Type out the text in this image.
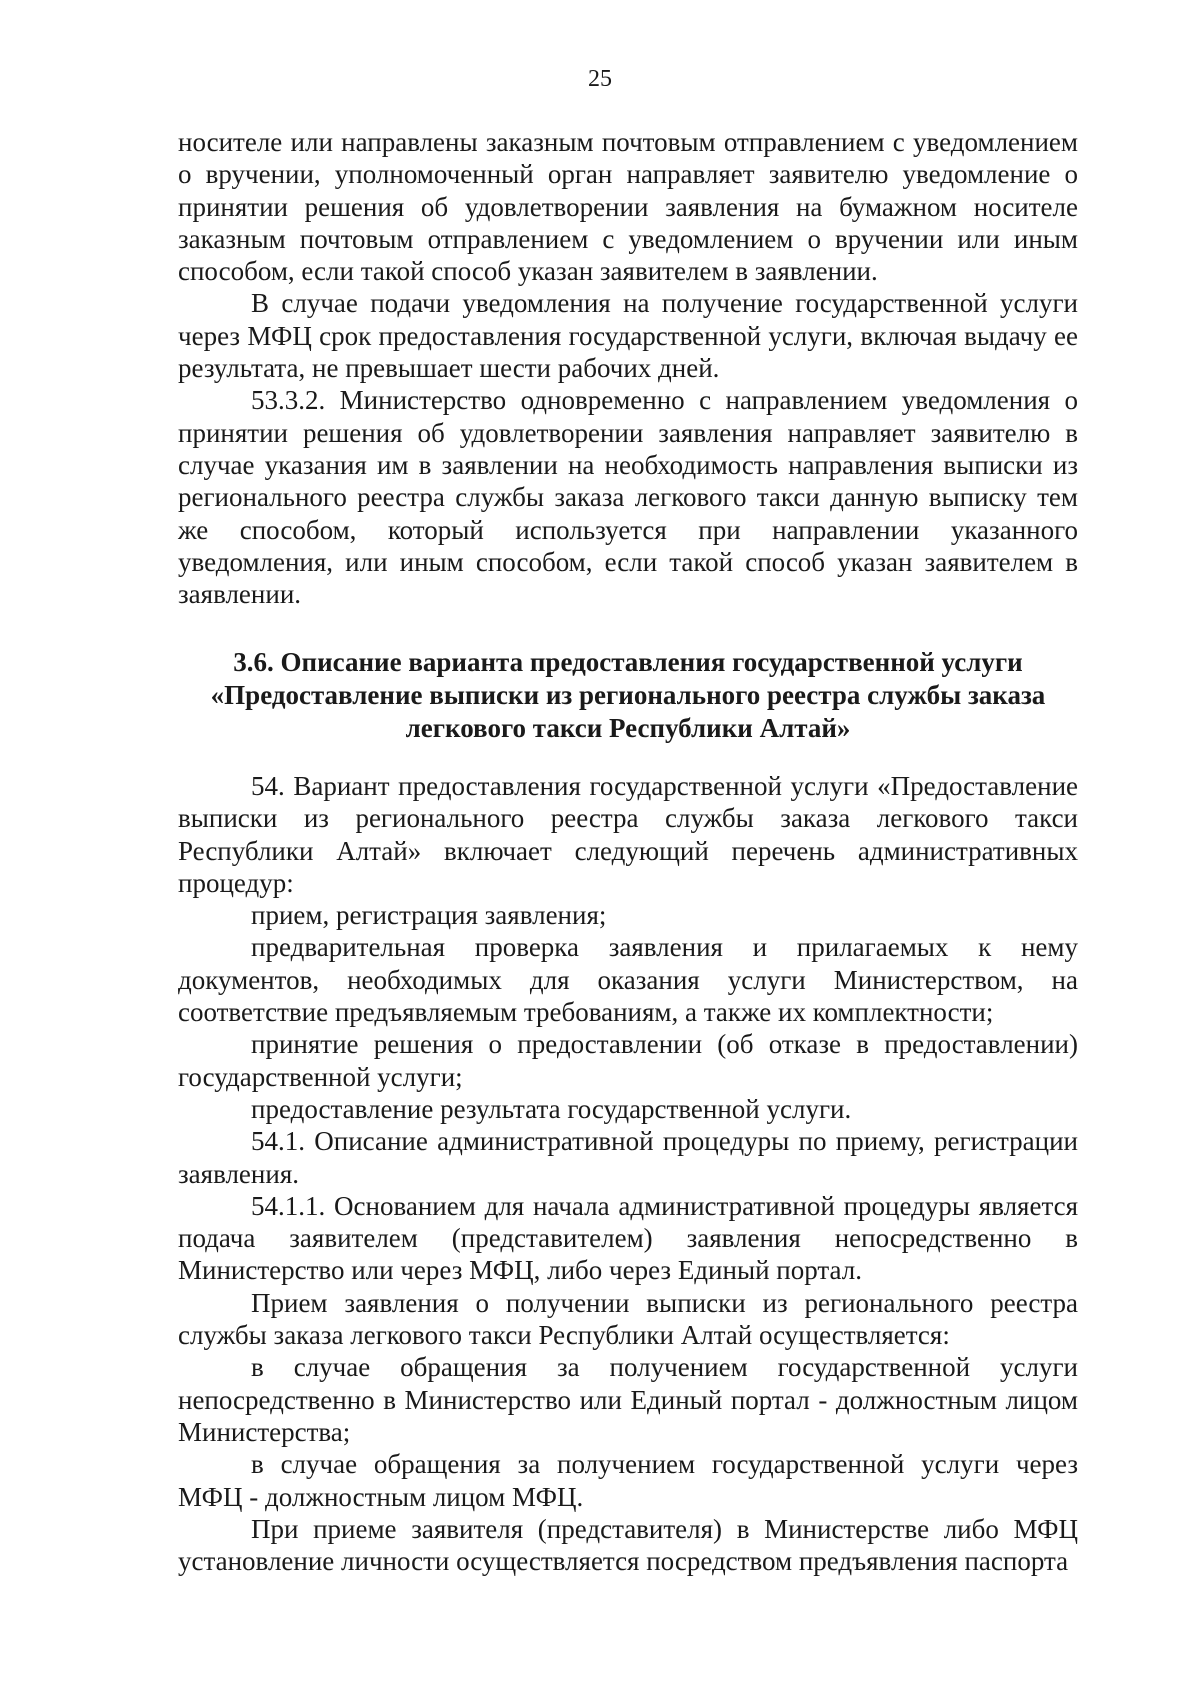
25

носителе или направлены заказным почтовым отправлением с уведомлением о вручении, уполномоченный орган направляет заявителю уведомление о принятии решения об удовлетворении заявления на бумажном носителе заказным почтовым отправлением с уведомлением о вручении или иным способом, если такой способ указан заявителем в заявлении.

В случае подачи уведомления на получение государственной услуги через МФЦ срок предоставления государственной услуги, включая выдачу ее результата, не превышает шести рабочих дней.

53.3.2. Министерство одновременно с направлением уведомления о принятии решения об удовлетворении заявления направляет заявителю в случае указания им в заявлении на необходимость направления выписки из регионального реестра службы заказа легкового такси данную выписку тем же способом, который используется при направлении указанного уведомления, или иным способом, если такой способ указан заявителем в заявлении.

3.6. Описание варианта предоставления государственной услуги
«Предоставление выписки из регионального реестра службы заказа
легкового такси Республики Алтай»

54. Вариант предоставления государственной услуги «Предоставление выписки из регионального реестра службы заказа легкового такси Республики Алтай» включает следующий перечень административных процедур:

прием, регистрация заявления;

предварительная проверка заявления и прилагаемых к нему документов, необходимых для оказания услуги Министерством, на соответствие предъявляемым требованиям, а также их комплектности;

принятие решения о предоставлении (об отказе в предоставлении) государственной услуги;

предоставление результата государственной услуги.

54.1. Описание административной процедуры по приему, регистрации заявления.

54.1.1. Основанием для начала административной процедуры является подача заявителем (представителем) заявления непосредственно в Министерство или через МФЦ, либо через Единый портал.

Прием заявления о получении выписки из регионального реестра службы заказа легкового такси Республики Алтай осуществляется:

в случае обращения за получением государственной услуги непосредственно в Министерство или Единый портал - должностным лицом Министерства;

в случае обращения за получением государственной услуги через МФЦ - должностным лицом МФЦ.

При приеме заявителя (представителя) в Министерстве либо МФЦ установление личности осуществляется посредством предъявления паспорта
